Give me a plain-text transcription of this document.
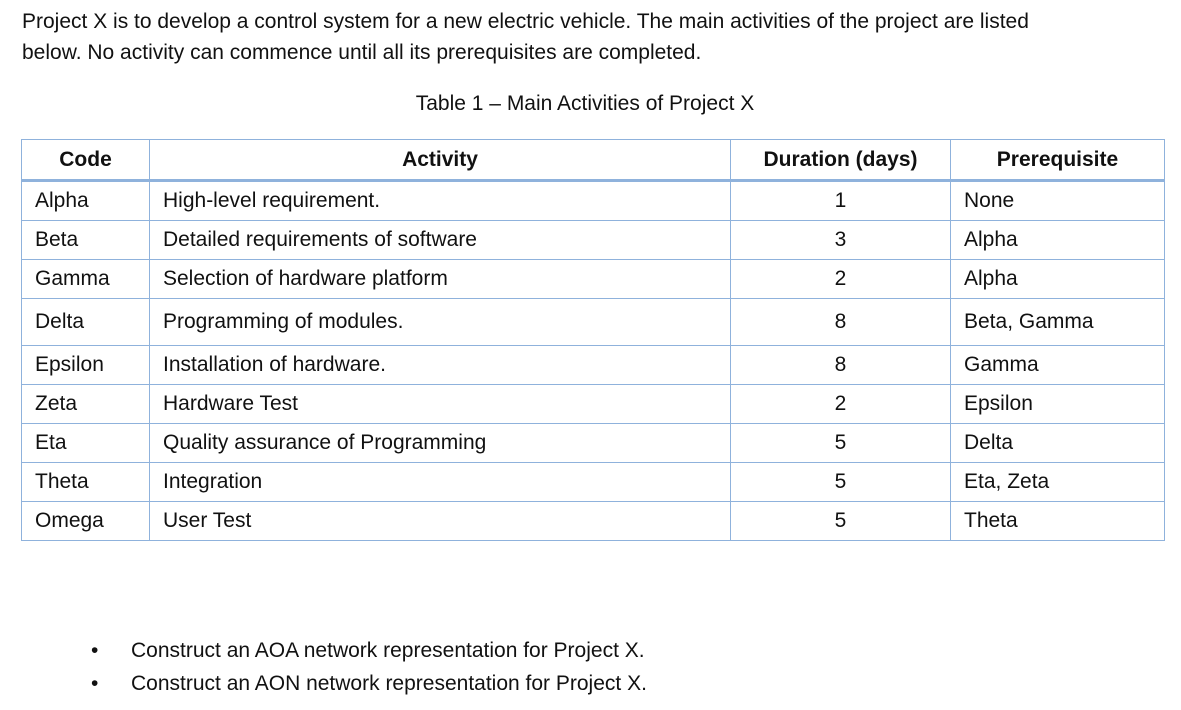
Project X is to develop a control system for a new electric vehicle. The main activities of the project are listed
below. No activity can commence until all its prerequisites are completed.

Table 1 – Main Activities of Project X

Code	Activity	Duration (days)	Prerequisite
Alpha	High-level requirement.	1	None
Beta	Detailed requirements of software	3	Alpha
Gamma	Selection of hardware platform	2	Alpha
Delta	Programming of modules.	8	Beta, Gamma
Epsilon	Installation of hardware.	8	Gamma
Zeta	Hardware Test	2	Epsilon
Eta	Quality assurance of Programming	5	Delta
Theta	Integration	5	Eta, Zeta
Omega	User Test	5	Theta
• Construct an AOA network representation for Project X.
• Construct an AON network representation for Project X.
